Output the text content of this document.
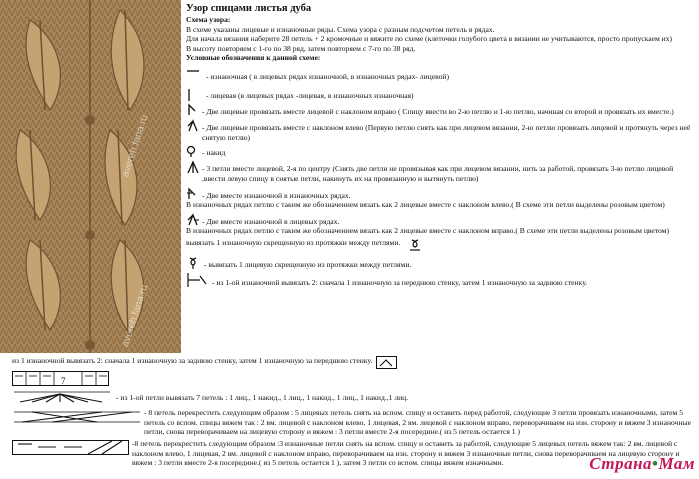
avereh.fana.ru
avereh.fana.ru
Узор спицами листья дуба
Схема узора:

В схеме указаны лицевые и изнаночные ряды. Схема узора с разным подсчетом петель в рядах.

Для начала вязания наберите 28 петель + 2 кромочные и вяжите по схеме (клеточки голубого цвета в вязании не учитываются, просто пропускаем их)

В высоту повторяем с 1-го по 38 ряд, затем повторяем с 7-го по 38 ряд.

Условные обозначения к данной схеме:
- изнаночная ( в лицевых рядах изнаночной, в изнаночных рядах- лицевой)
- лицевая (в лицевых рядах -лицевая, в изнаночных изнаночная)
- Две лицевые провязать вместе лицевой с наклоном вправо ( Спицу ввести во 2-ю петлю и 1-ю петлю, начиная со второй и провязать их вместе.)
- Две лицевые провязать вместе с наклоном влево (Первую петлю снять как при лицевом вязании, 2-ю петлю провязать лицевой и протянуть через неё снятую петлю)
- накид
- 3 петли вместе лицевой, 2-я по центру (Снять две петли не провязывая как при лицевом вязании, нить за работой, провязать 3-ю петлю лицевой ,ввести левую спицу в снятые петли, накинуть их на провязанную и вытянуть петлю)
- Две вместе изнаночной в изнаночных рядах.

В изнаночных рядах петлю с таким же обозначением вязать как 2 лицевые вместе с наклоном влево.( В схеме эти петли выделены розовым цветом)

- Две вместе изнаночной в лицевых рядах.

В изнаночных рядах петлю с таким же обозначением вязать как 2 лицевые вместе с наклоном вправо.( В схеме эти петли выделены розовым цветом)

вывязать 1 изнаночную скрещенную из протяжки между петлями.
- вывязать 1 лицевую скрещенную из протяжки между петлями.
- из 1-ой изнаночной вывязать 2: сначала 1 изнаночную за переднюю стенку, затем 1 изнаночную за заднюю стенку.
из 1 изнаночной вывязать 2: сначала 1 изнаночную за заднюю стенку, затем 1 изнаночную за переднюю стенку.
7
- из 1-ой петли вывязать 7 петель : 1 лиц., 1 накид., 1 лиц., 1 накид., 1 лиц., 1 накид.,1 лиц.
- 8 петель перекрестить следующим образом : 5 лицевых петель снять на вспом. спицу и оставить перед работой, следующие 3 петли провязать изнаночными, затем 5 петель со вспом. спицы вяжем так : 2 вм. лицевой с наклоном влево, 1 лицевая, 2 вм. лицевой с наклоном вправо, переворачиваем на изн. сторону и вяжем 3 изнаночные петли, снова переворачиваем на лицевую сторону и вяжем : 3 петли вместе 2-я посередине.( из 5 петель остается 1 )
-8 петель перекрестить следующим образом :3 изнаночные петли снять на вспом. спицу и оставить за работой, следующие 5 лицевых петель вяжем так: 2 вм. лицевой с наклоном влево, 1 лицевая, 2 вм. лицевой с наклоном вправо, переворачиваем на изн. сторону и вяжем 3 изнаночные петли, снова переворачиваем на лицевую сторону и вяжем : 3 петли вместе 2-я посередине.( из 5 петель остается 1 ), затем 3 петли со вспом. спицы вяжем изначными.	Страна•Мам
